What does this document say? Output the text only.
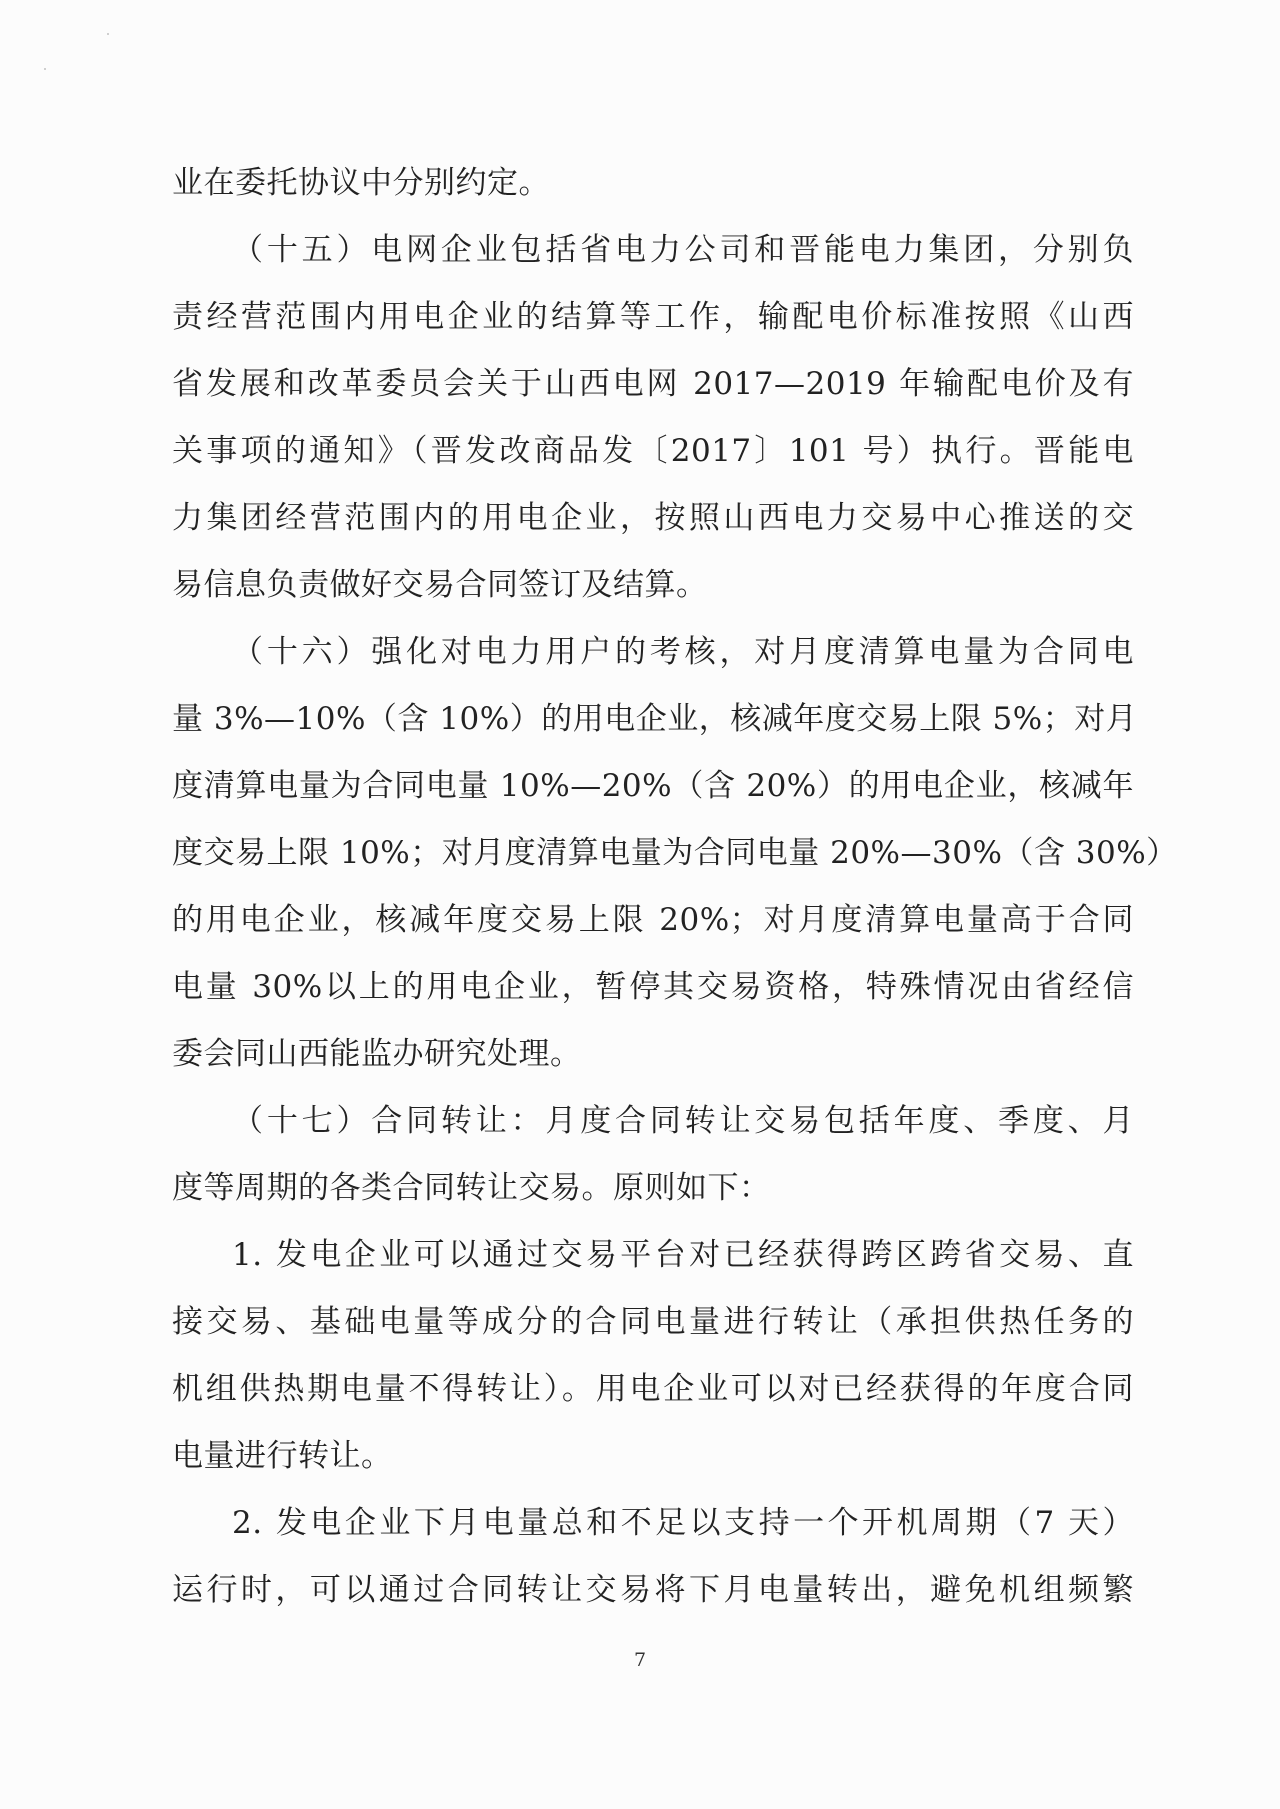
业在委托协议中分别约定。
（十五）电网企业包括省电力公司和晋能电力集团，分别负
责经营范围内用电企业的结算等工作，输配电价标准按照《山西
省发展和改革委员会关于山西电网 2017—2019 年输配电价及有
关事项的通知》（晋发改商品发〔2017〕101 号）执行。晋能电
力集团经营范围内的用电企业，按照山西电力交易中心推送的交
易信息负责做好交易合同签订及结算。
（十六）强化对电力用户的考核，对月度清算电量为合同电
量 3%—10%（含 10%）的用电企业，核减年度交易上限 5%；对月
度清算电量为合同电量 10%—20%（含 20%）的用电企业，核减年
度交易上限 10%；对月度清算电量为合同电量 20%—30%（含 30%）
的用电企业，核减年度交易上限 20%；对月度清算电量高于合同
电量 30%以上的用电企业，暂停其交易资格，特殊情况由省经信
委会同山西能监办研究处理。
（十七）合同转让：月度合同转让交易包括年度、季度、月
度等周期的各类合同转让交易。原则如下：
1. 发电企业可以通过交易平台对已经获得跨区跨省交易、直
接交易、基础电量等成分的合同电量进行转让（承担供热任务的
机组供热期电量不得转让）。用电企业可以对已经获得的年度合同
电量进行转让。
2. 发电企业下月电量总和不足以支持一个开机周期（7 天）
运行时，可以通过合同转让交易将下月电量转出，避免机组频繁
7
